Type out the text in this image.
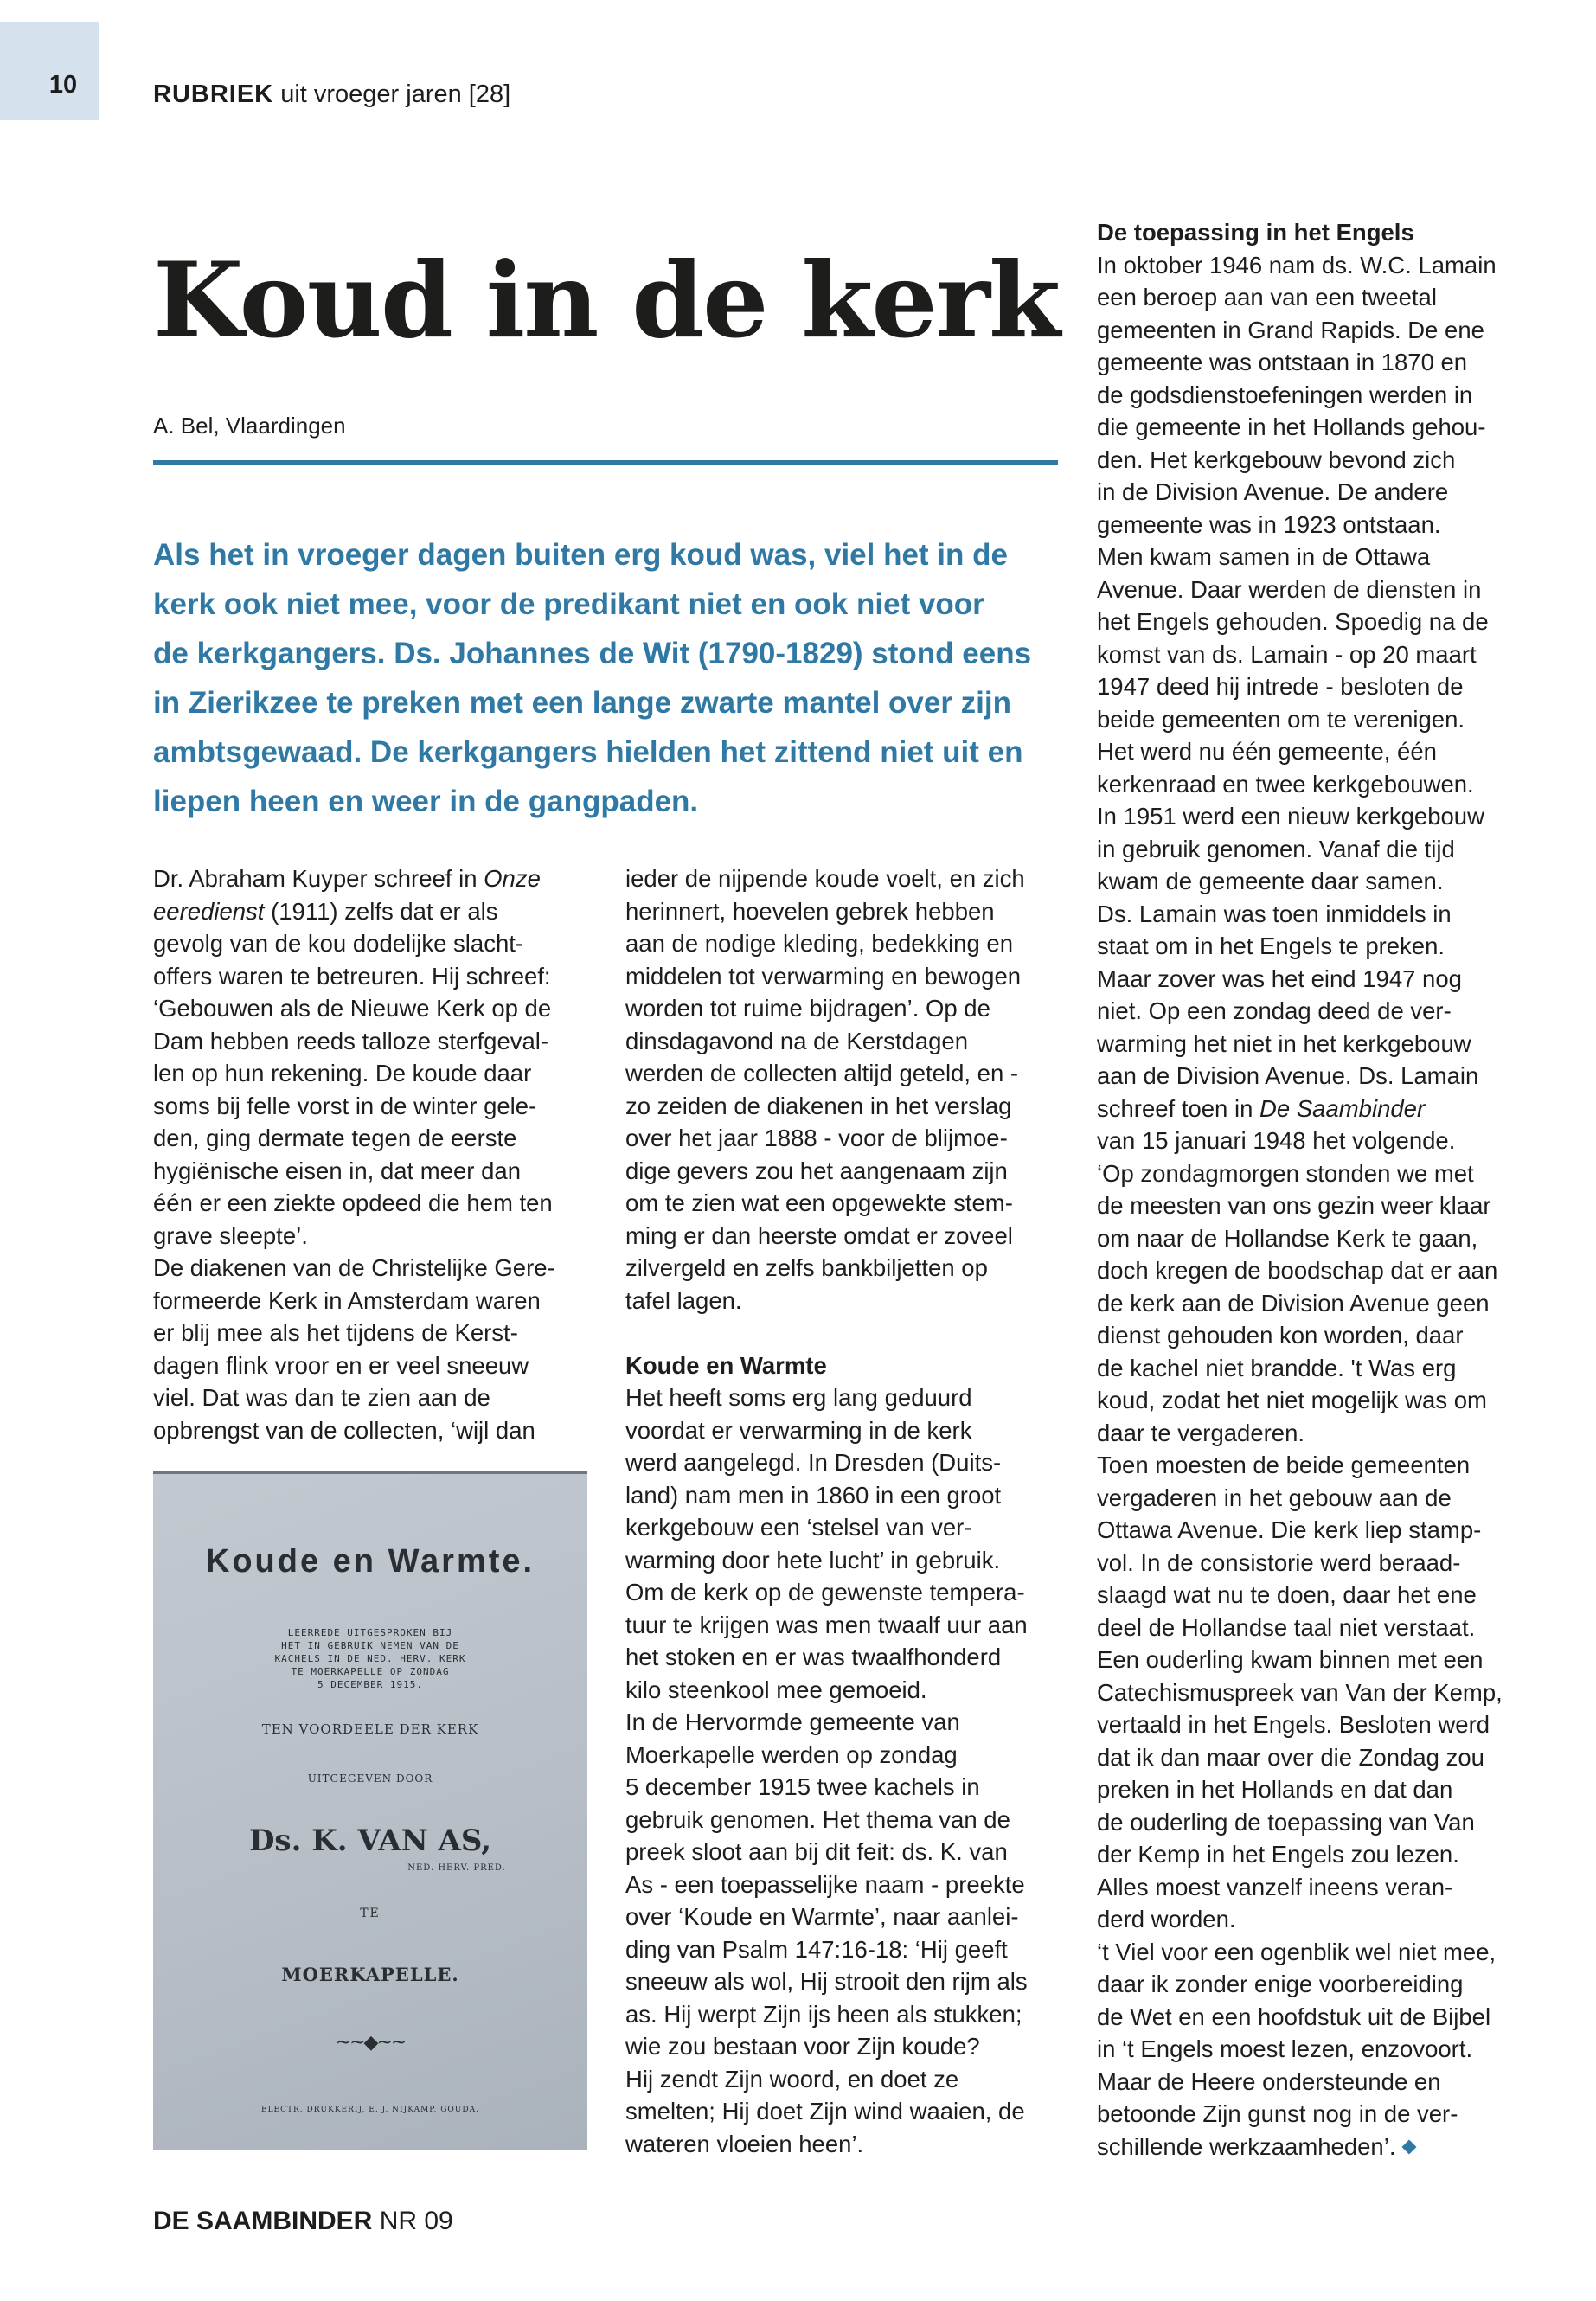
10	RUBRIEK uit vroeger jaren [28]
Koud in de kerk
A. Bel, Vlaardingen
Als het in vroeger dagen buiten erg koud was, viel het in de
kerk ook niet mee, voor de predikant niet en ook niet voor
de kerkgangers. Ds. Johannes de Wit (1790-1829) stond eens
in Zierikzee te preken met een lange zwarte mantel over zijn
ambtsgewaad. De kerkgangers hielden het zittend niet uit en
liepen heen en weer in de gangpaden.
Dr. Abraham Kuyper schreef in Onze
eeredienst (1911) zelfs dat er als
gevolg van de kou dodelijke slacht-
offers waren te betreuren. Hij schreef:
‘Gebouwen als de Nieuwe Kerk op de
Dam hebben reeds talloze sterfgeval-
len op hun rekening. De koude daar
soms bij felle vorst in de winter gele-
den, ging dermate tegen de eerste
hygiënische eisen in, dat meer dan
één er een ziekte opdeed die hem ten
grave sleepte’.
De diakenen van de Christelijke Gere-
formeerde Kerk in Amsterdam waren
er blij mee als het tijdens de Kerst-
dagen flink vroor en er veel sneeuw
viel. Dat was dan te zien aan de
opbrengst van de collecten, ‘wijl dan
Koude en Warmte.
LEERREDE UITGESPROKEN BIJ
HET IN GEBRUIK NEMEN VAN DE
KACHELS IN DE NED. HERV. KERK
TE MOERKAPELLE OP ZONDAG
5 DECEMBER 1915.
TEN VOORDEELE DER KERK
UITGEGEVEN DOOR
Ds. K. VAN AS,
NED. HERV. PRED.
TE
MOERKAPELLE.
~~◆~~
ELECTR. DRUKKERIJ, E. J. NIJKAMP, GOUDA.
ieder de nijpende koude voelt, en zich
herinnert, hoevelen gebrek hebben
aan de nodige kleding, bedekking en
middelen tot verwarming en bewogen
worden tot ruime bijdragen’. Op de
dinsdagavond na de Kerstdagen
werden de collecten altijd geteld, en -
zo zeiden de diakenen in het verslag
over het jaar 1888 - voor de blijmoe-
dige gevers zou het aangenaam zijn
om te zien wat een opgewekte stem-
ming er dan heerste omdat er zoveel
zilvergeld en zelfs bankbiljetten op
tafel lagen.
Koude en Warmte
Het heeft soms erg lang geduurd
voordat er verwarming in de kerk
werd aangelegd. In Dresden (Duits-
land) nam men in 1860 in een groot
kerkgebouw een ‘stelsel van ver-
warming door hete lucht’ in gebruik.
Om de kerk op de gewenste tempera-
tuur te krijgen was men twaalf uur aan
het stoken en er was twaalfhonderd
kilo steenkool mee gemoeid.
In de Hervormde gemeente van
Moerkapelle werden op zondag
5 december 1915 twee kachels in
gebruik genomen. Het thema van de
preek sloot aan bij dit feit: ds. K. van
As - een toepasselijke naam - preekte
over ‘Koude en Warmte’, naar aanlei-
ding van Psalm 147:16-18: ‘Hij geeft
sneeuw als wol, Hij strooit den rijm als
as. Hij werpt Zijn ijs heen als stukken;
wie zou bestaan voor Zijn koude?
Hij zendt Zijn woord, en doet ze
smelten; Hij doet Zijn wind waaien, de
wateren vloeien heen’.
De toepassing in het Engels
In oktober 1946 nam ds. W.C. Lamain
een beroep aan van een tweetal
gemeenten in Grand Rapids. De ene
gemeente was ontstaan in 1870 en
de godsdienstoefeningen werden in
die gemeente in het Hollands gehou-
den. Het kerkgebouw bevond zich
in de Division Avenue. De andere
gemeente was in 1923 ontstaan.
Men kwam samen in de Ottawa
Avenue. Daar werden de diensten in
het Engels gehouden. Spoedig na de
komst van ds. Lamain - op 20 maart
1947 deed hij intrede - besloten de
beide gemeenten om te verenigen.
Het werd nu één gemeente, één
kerkenraad en twee kerkgebouwen.
In 1951 werd een nieuw kerkgebouw
in gebruik genomen. Vanaf die tijd
kwam de gemeente daar samen.
Ds. Lamain was toen inmiddels in
staat om in het Engels te preken.
Maar zover was het eind 1947 nog
niet. Op een zondag deed de ver-
warming het niet in het kerkgebouw
aan de Division Avenue. Ds. Lamain
schreef toen in De Saambinder
van 15 januari 1948 het volgende.
‘Op zondagmorgen stonden we met
de meesten van ons gezin weer klaar
om naar de Hollandse Kerk te gaan,
doch kregen de boodschap dat er aan
de kerk aan de Division Avenue geen
dienst gehouden kon worden, daar
de kachel niet brandde. 't Was erg
koud, zodat het niet mogelijk was om
daar te vergaderen.
Toen moesten de beide gemeenten
vergaderen in het gebouw aan de
Ottawa Avenue. Die kerk liep stamp-
vol. In de consistorie werd beraad-
slaagd wat nu te doen, daar het ene
deel de Hollandse taal niet verstaat.
Een ouderling kwam binnen met een
Catechismuspreek van Van der Kemp,
vertaald in het Engels. Besloten werd
dat ik dan maar over die Zondag zou
preken in het Hollands en dat dan
de ouderling de toepassing van Van
der Kemp in het Engels zou lezen.
Alles moest vanzelf ineens veran-
derd worden.
‘t Viel voor een ogenblik wel niet mee,
daar ik zonder enige voorbereiding
de Wet en een hoofdstuk uit de Bijbel
in ‘t Engels moest lezen, enzovoort.
Maar de Heere ondersteunde en
betoonde Zijn gunst nog in de ver-
schillende werkzaamheden’.
DE SAAMBINDER NR 09
